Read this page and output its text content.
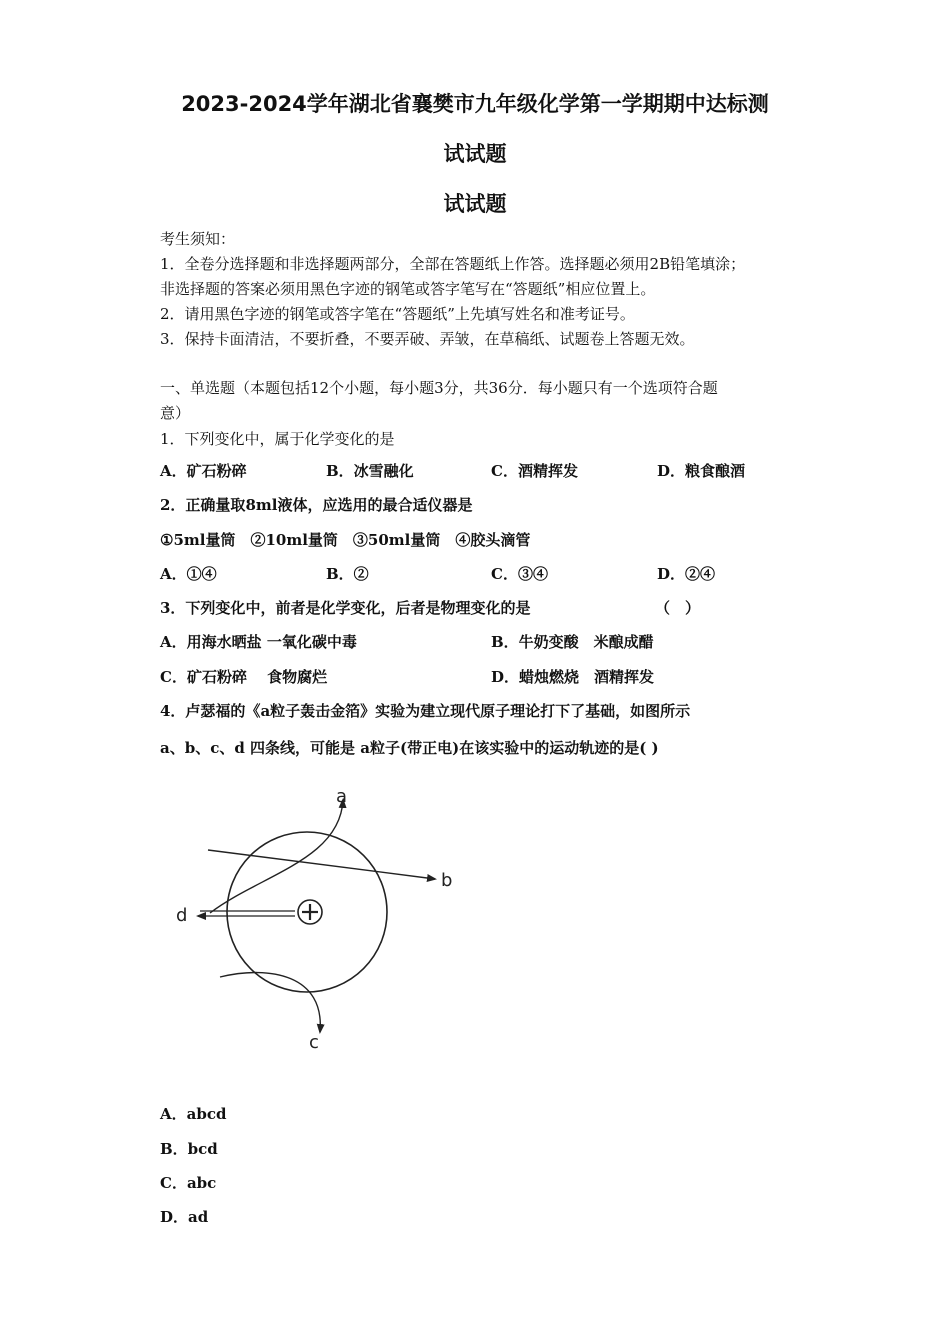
2023-2024学年湖北省襄樊市九年级化学第一学期期中达标测
试试题
试试题
考生须知：
1．全卷分选择题和非选择题两部分，全部在答题纸上作答。选择题必须用2B铅笔填涂；
非选择题的答案必须用黑色字迹的钢笔或答字笔写在“答题纸”相应位置上。
2．请用黑色字迹的钢笔或答字笔在“答题纸”上先填写姓名和准考证号。
3．保持卡面清洁，不要折叠，不要弄破、弄皱，在草稿纸、试题卷上答题无效。
一、单选题（本题包括12个小题，每小题3分，共36分．每小题只有一个选项符合题
意）
1．下列变化中，属于化学变化的是
A．矿石粉碎	B．冰雪融化	C．酒精挥发	D．粮食酿酒
2．正确量取8ml液体，应选用的最合适仪器是
①5ml量筒　②10ml量筒　③50ml量筒　④胶头滴管
A．①④	B．②	C．③④	D．②④
3．下列变化中，前者是化学变化，后者是物理变化的是	（　）
A．用海水晒盐 一氧化碳中毒	B．牛奶变酸　米酿成醋
C．矿石粉碎　 食物腐烂	D．蜡烛燃烧　酒精挥发
4．卢瑟福的《a粒子轰击金箔》实验为建立现代原子理论打下了基础，如图所示
a、b、c、d 四条线，可能是 a粒子(带正电)在该实验中的运动轨迹的是( )
a
b
c
d
A．abcd
B．bcd
C．abc
D．ad
